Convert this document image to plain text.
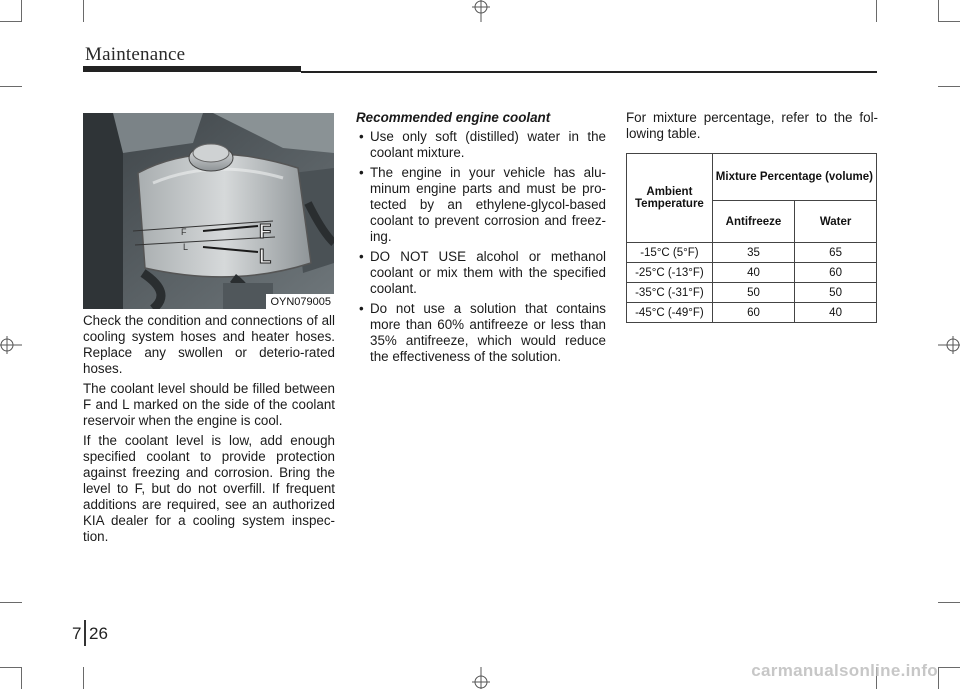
Maintenance
F
L
F
L
OYN079005

Check the condition and connections of all cooling system hoses and heater hoses. Replace any swollen or deterio-rated hoses.

The coolant level should be filled between F and L marked on the side of the coolant reservoir when the engine is cool.

If the coolant level is low, add enough specified coolant to provide protection against freezing and corrosion. Bring the level to F, but do not overfill. If frequent additions are required, see an authorized KIA dealer for a cooling system inspec-tion.

Recommended engine coolant
• Use only soft (distilled) water in the coolant mixture.
• The engine in your vehicle has alu-minum engine parts and must be pro-tected by an ethylene-glycol-based coolant to prevent corrosion and freez-ing.
• DO NOT USE alcohol or methanol coolant or mix them with the specified coolant.
• Do not use a solution that contains more than 60% antifreeze or less than 35% antifreeze, which would reduce the effectiveness of the solution.

For mixture percentage, refer to the fol-lowing table.

Ambient Temperature	Mixture Percentage (volume)	
	Antifreeze	Water
-15°C (5°F)	35	65
-25°C (-13°F)	40	60
-35°C (-31°F)	50	50
-45°C (-49°F)	60	40
7 26
carmanualsonline.info
